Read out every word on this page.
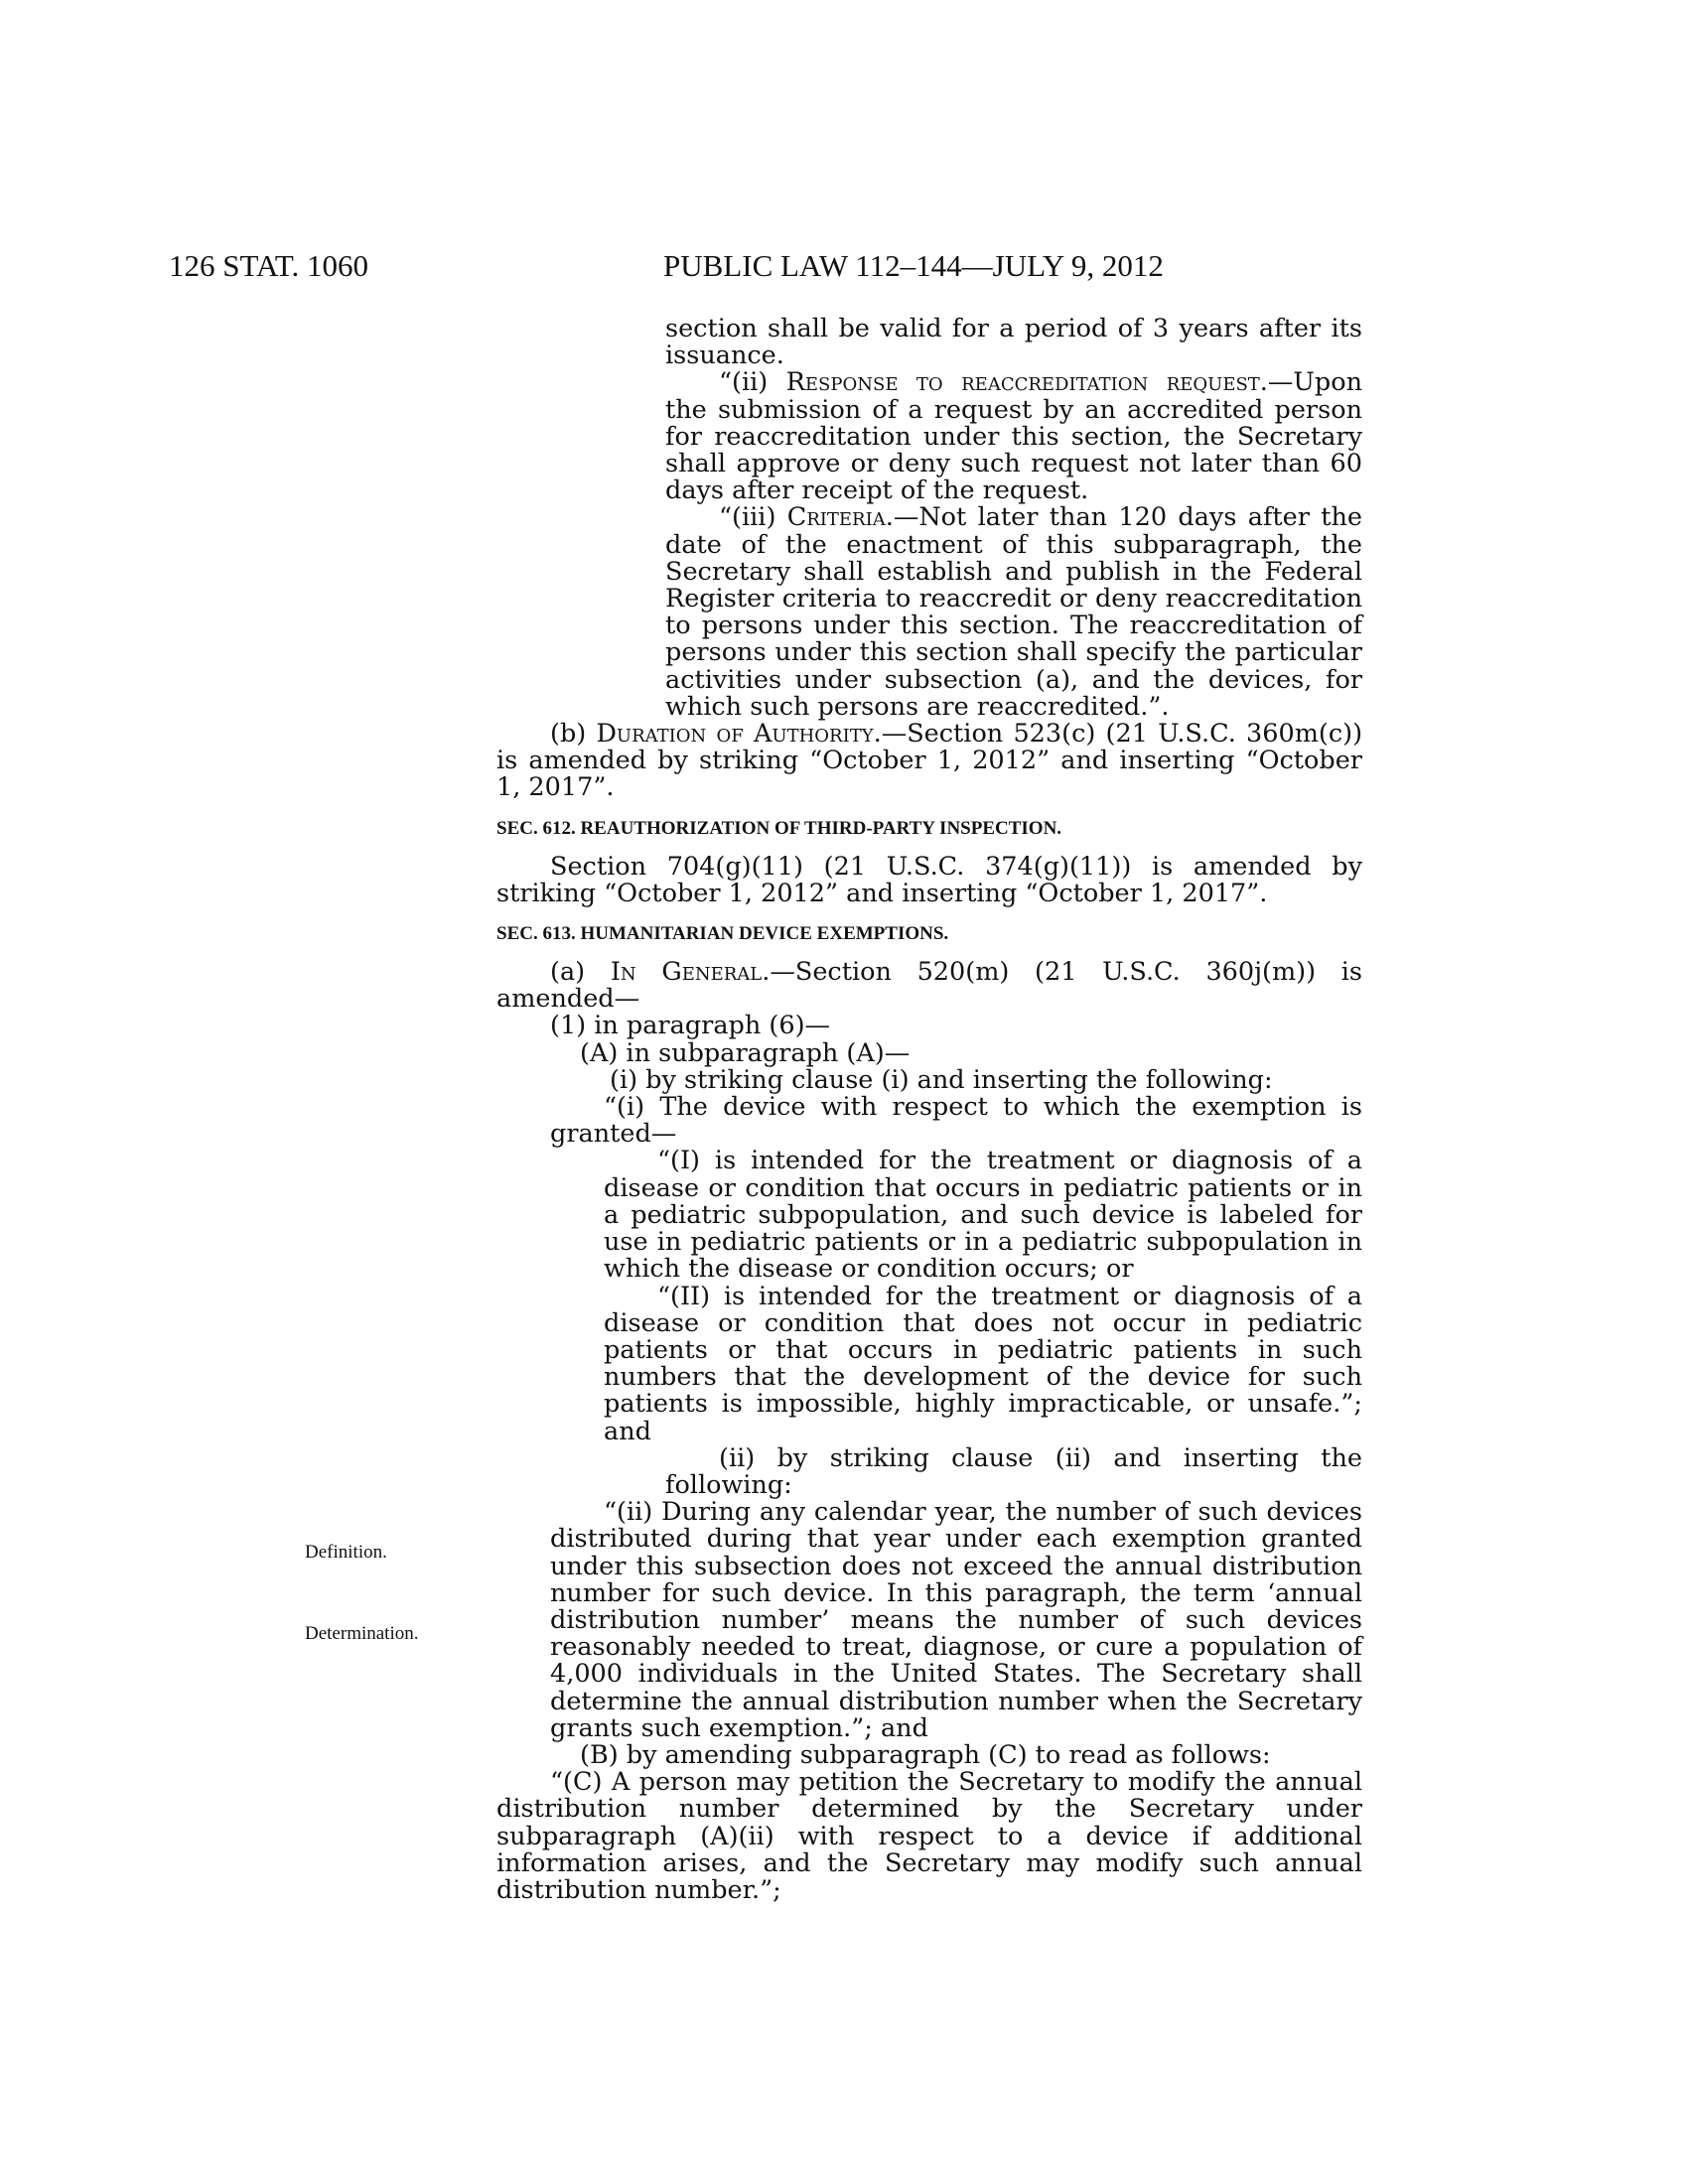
126 STAT. 1060	PUBLIC LAW 112–144—JULY 9, 2012
Definition.
Determination.

section shall be valid for a period of 3 years after its issuance.

“(ii) Response to reaccreditation request.—Upon the submission of a request by an accredited person for reaccreditation under this section, the Secretary shall approve or deny such request not later than 60 days after receipt of the request.

“(iii) Criteria.—Not later than 120 days after the date of the enactment of this subparagraph, the Secretary shall establish and publish in the Federal Register criteria to reaccredit or deny reaccreditation to persons under this section. The reaccreditation of persons under this section shall specify the particular activities under subsection (a), and the devices, for which such persons are reaccredited.”.

(b) Duration of Authority.—Section 523(c) (21 U.S.C. 360m(c)) is amended by striking “October 1, 2012” and inserting “October 1, 2017”.

SEC. 612. REAUTHORIZATION OF THIRD-PARTY INSPECTION.

Section 704(g)(11) (21 U.S.C. 374(g)(11)) is amended by striking “October 1, 2012” and inserting “October 1, 2017”.

SEC. 613. HUMANITARIAN DEVICE EXEMPTIONS.

(a) In General.—Section 520(m) (21 U.S.C. 360j(m)) is amended—

(1) in paragraph (6)—

(A) in subparagraph (A)—

(i) by striking clause (i) and inserting the following:

“(i) The device with respect to which the exemption is granted—

“(I) is intended for the treatment or diagnosis of a disease or condition that occurs in pediatric patients or in a pediatric subpopulation, and such device is labeled for use in pediatric patients or in a pediatric subpopulation in which the disease or condition occurs; or

“(II) is intended for the treatment or diagnosis of a disease or condition that does not occur in pediatric patients or that occurs in pediatric patients in such numbers that the development of the device for such patients is impossible, highly impracticable, or unsafe.”; and

(ii) by striking clause (ii) and inserting the following:

“(ii) During any calendar year, the number of such devices distributed during that year under each exemption granted under this subsection does not exceed the annual distribution number for such device. In this paragraph, the term ‘annual distribution number’ means the number of such devices reasonably needed to treat, diagnose, or cure a population of 4,000 individuals in the United States. The Secretary shall determine the annual distribution number when the Secretary grants such exemption.”; and

(B) by amending subparagraph (C) to read as follows:

“(C) A person may petition the Secretary to modify the annual distribution number determined by the Secretary under subparagraph (A)(ii) with respect to a device if additional information arises, and the Secretary may modify such annual distribution number.”;
